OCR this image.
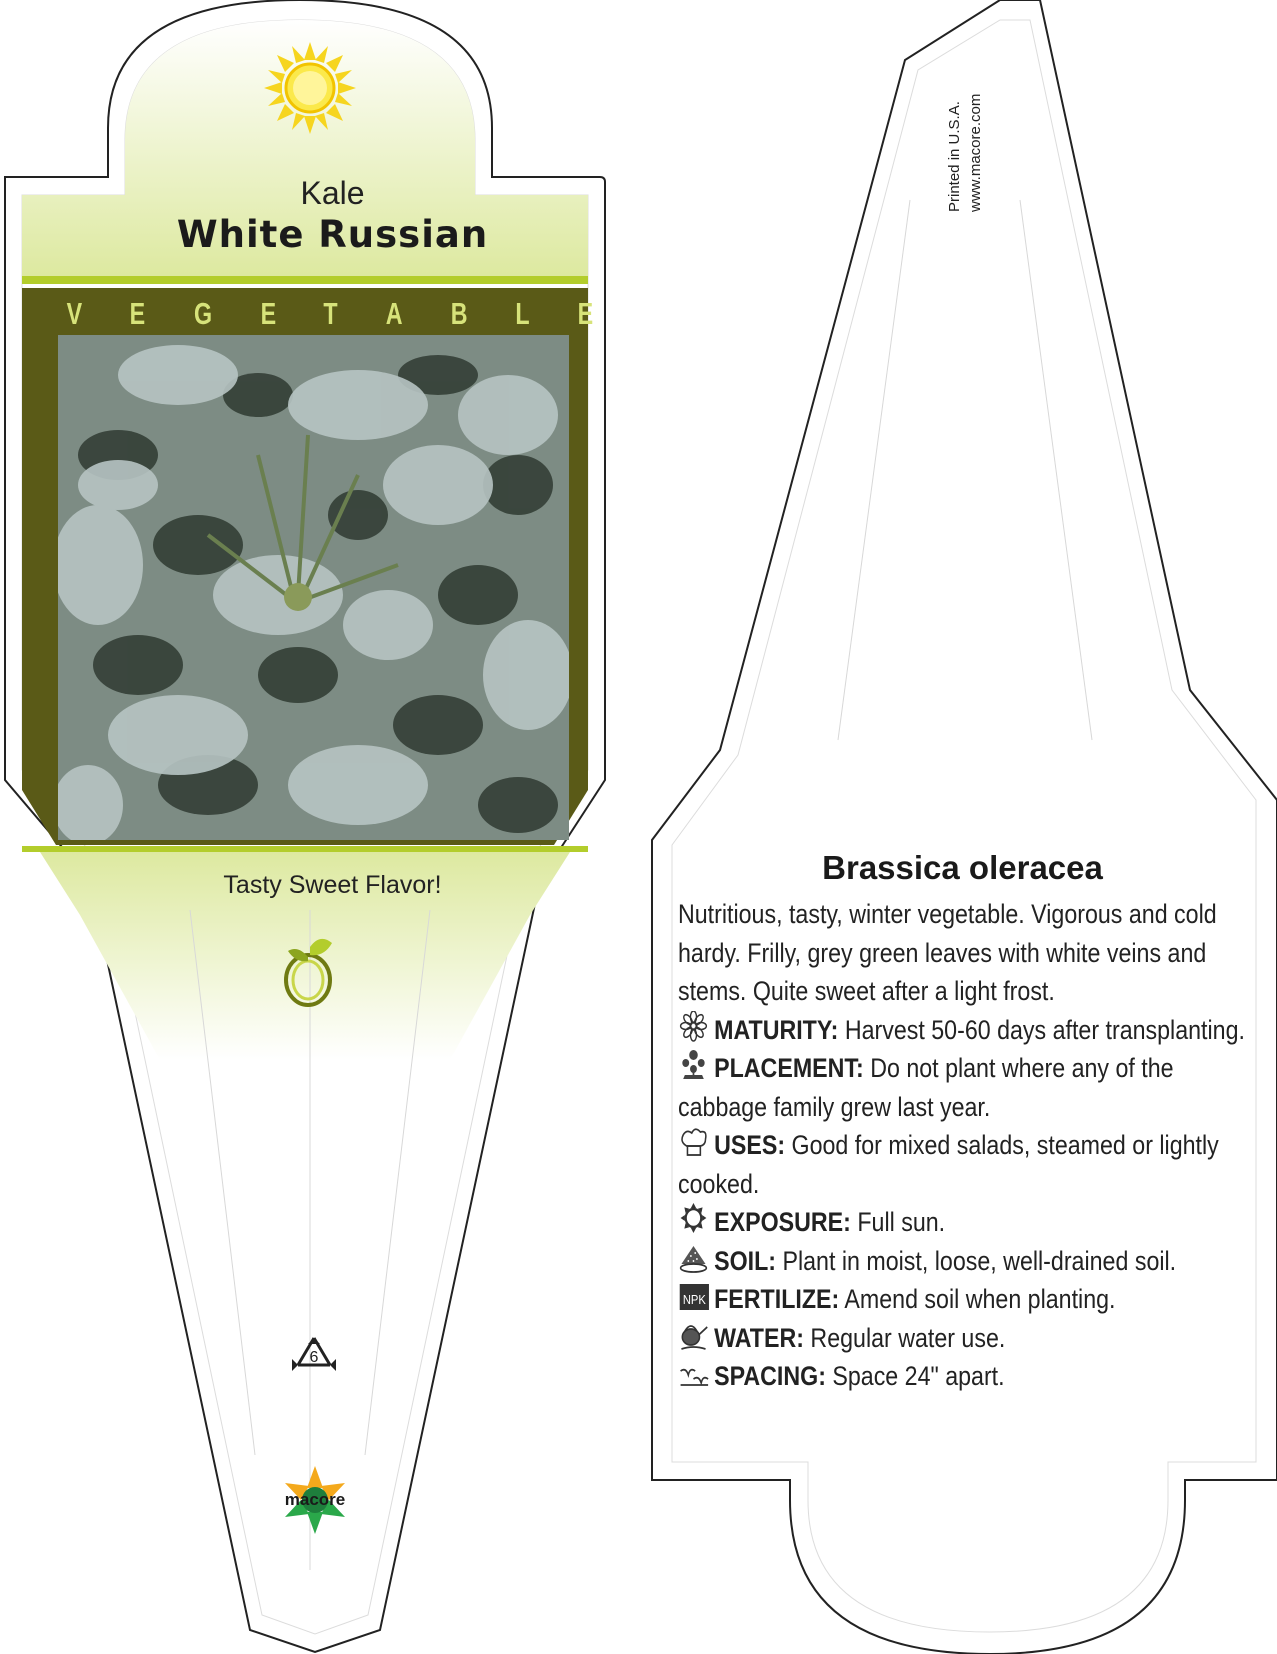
Kale
White Russian
V E G E T A B L E
Tasty Sweet Flavor!
6
macore
Printed in U.S.A. www.macore.com
Brassica oleracea
Nutritious, tasty, winter vegetable. Vigorous and cold hardy. Frilly, grey green leaves with white veins and stems. Quite sweet after a light frost.
MATURITY: Harvest 50-60 days after transplanting.
PLACEMENT: Do not plant where any of the cabbage family grew last year.
USES: Good for mixed salads, steamed or lightly cooked.
EXPOSURE: Full sun.
SOIL: Plant in moist, loose, well-drained soil.
NPK FERTILIZE: Amend soil when planting.
WATER: Regular water use.
SPACING: Space 24" apart.
